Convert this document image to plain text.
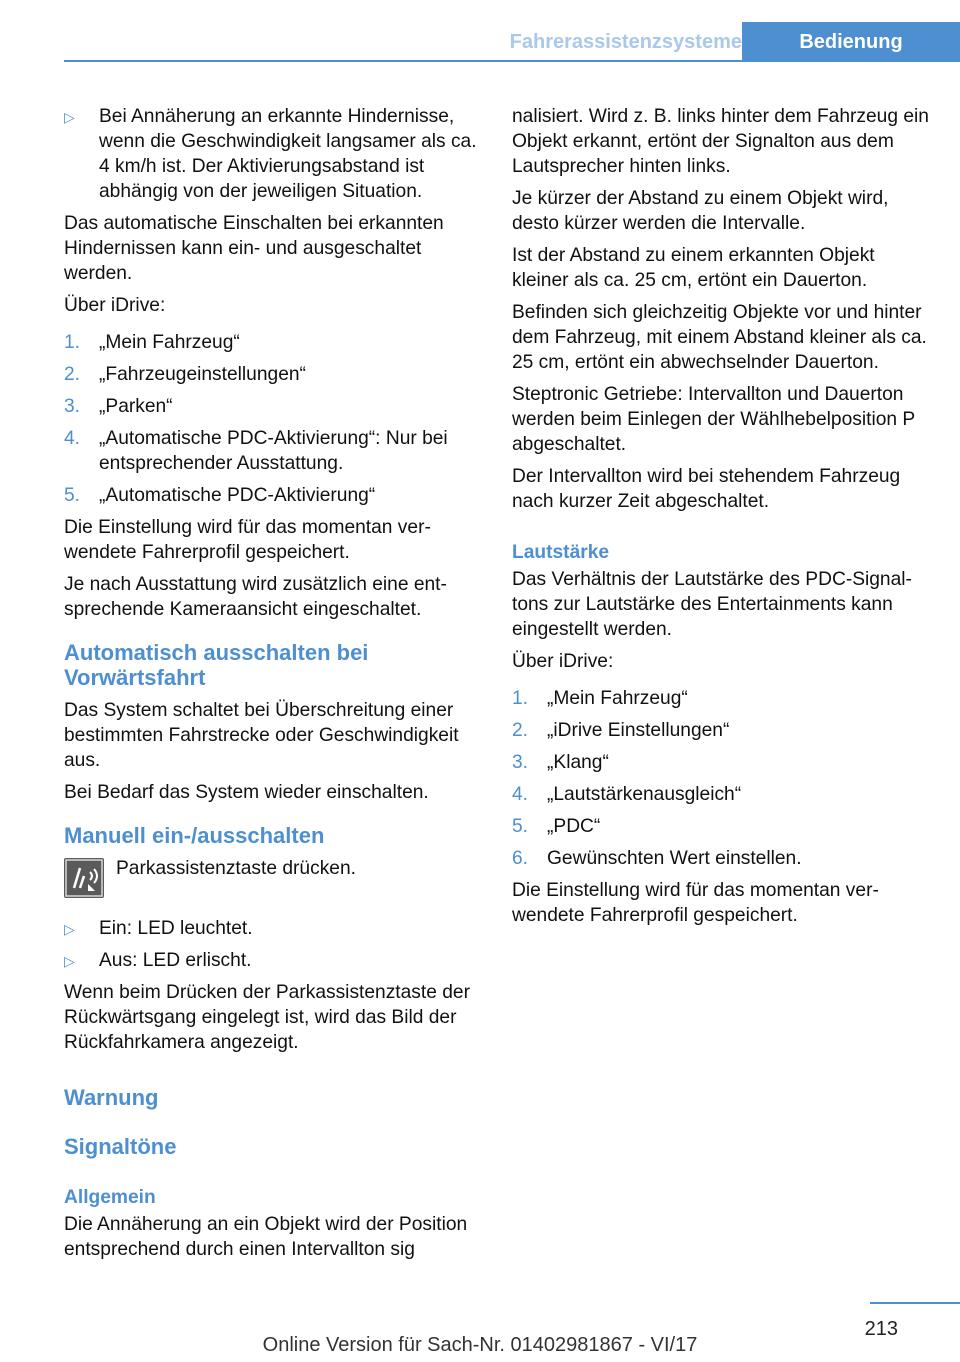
Fahrerassistenzsysteme	Bedienung
▷ Bei Annäherung an erkannte Hindernisse, wenn die Geschwindigkeit langsamer als ca. 4 km/h ist. Der Aktivierungsabstand ist abhängig von der jeweiligen Situation.

Das automatische Einschalten bei erkannten Hindernissen kann ein- und ausgeschaltet werden.

Über iDrive:

1. „Mein Fahrzeug“
2. „Fahrzeugeinstellungen“
3. „Parken“
4. „Automatische PDC-Aktivierung“: Nur bei entsprechender Ausstattung.
5. „Automatische PDC-Aktivierung“

Die Einstellung wird für das momentan verwendete Fahrerprofil gespeichert.

Je nach Ausstattung wird zusätzlich eine entsprechende Kameraansicht eingeschaltet.

Automatisch ausschalten bei Vorwärtsfahrt

Das System schaltet bei Überschreitung einer bestimmten Fahrstrecke oder Geschwindigkeit aus.

Bei Bedarf das System wieder einschalten.

Manuell ein-/ausschalten
Parkassistenztaste drücken.
▷ Ein: LED leuchtet.
▷ Aus: LED erlischt.

Wenn beim Drücken der Parkassistenztaste der Rückwärtsgang eingelegt ist, wird das Bild der Rückfahrkamera angezeigt.

Warnung
Signaltöne
Allgemein

Die Annäherung an ein Objekt wird der Position entsprechend durch einen Intervallton sig

nalisiert. Wird z. B. links hinter dem Fahrzeug ein Objekt erkannt, ertönt der Signalton aus dem Lautsprecher hinten links.

Je kürzer der Abstand zu einem Objekt wird, desto kürzer werden die Intervalle.

Ist der Abstand zu einem erkannten Objekt kleiner als ca. 25 cm, ertönt ein Dauerton.

Befinden sich gleichzeitig Objekte vor und hinter dem Fahrzeug, mit einem Abstand kleiner als ca. 25 cm, ertönt ein abwechselnder Dauerton.

Steptronic Getriebe: Intervallton und Dauerton werden beim Einlegen der Wählhebelposition P abgeschaltet.

Der Intervallton wird bei stehendem Fahrzeug nach kurzer Zeit abgeschaltet.

Lautstärke

Das Verhältnis der Lautstärke des PDC-Signaltons zur Lautstärke des Entertainments kann eingestellt werden.

Über iDrive:

1. „Mein Fahrzeug“
2. „iDrive Einstellungen“
3. „Klang“
4. „Lautstärkenausgleich“
5. „PDC“
6. Gewünschten Wert einstellen.

Die Einstellung wird für das momentan verwendete Fahrerprofil gespeichert.

213
Online Version für Sach-Nr. 01402981867 - VI/17
